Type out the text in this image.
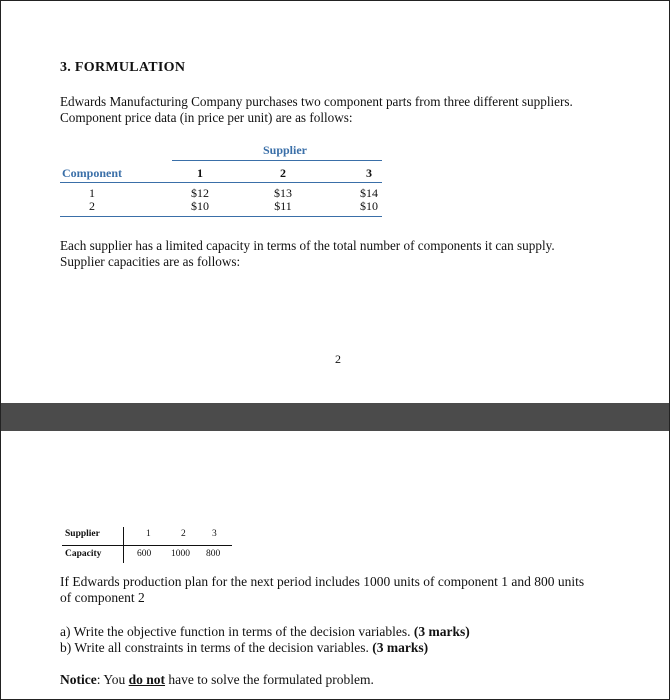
3. FORMULATION
Edwards Manufacturing Company purchases two component parts from three different suppliers.
Component price data (in price per unit) are as follows:
Supplier
Component	1	2	3
1	$12	$13	$14
2	$10	$11	$10
Each supplier has a limited capacity in terms of the total number of components it can supply.
Supplier capacities are as follows:
2
Supplier	1	2	3
Capacity	600 1000 800
If Edwards production plan for the next period includes 1000 units of component 1 and 800 units
of component 2
a) Write the objective function in terms of the decision variables. (3 marks)
b) Write all constraints in terms of the decision variables. (3 marks)
Notice: You do not have to solve the formulated problem.
